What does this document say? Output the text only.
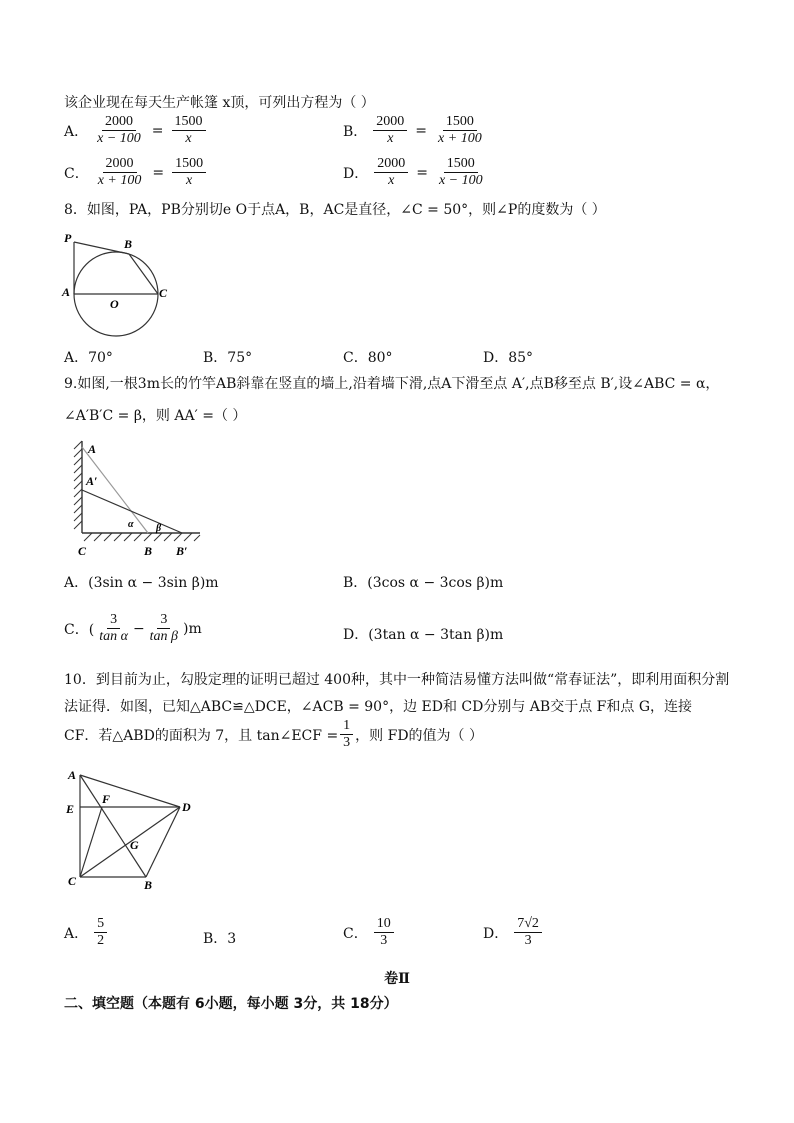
该企业现在每天生产帐篷 x顶，可列出方程为（ ）
A． $\frac{2000}{x - 100} = \frac{1500}{x}$	B． $\frac{2000}{x} = \frac{1500}{x + 100}$
C． $\frac{2000}{x + 100} = \frac{1500}{x}$	D． $\frac{2000}{x} = \frac{1500}{x - 100}$
8．如图，PA，PB分别切e O于点A，B，AC是直径，∠C = 50°，则∠P的度数为（ ）
P	B
A
O
C
A．70°	B．75°	C．80°	D．85°
9.如图,一根3m长的竹竿AB斜靠在竖直的墙上,沿着墙下滑,点A下滑至点 A′,点B移至点 B′,设∠ABC = α，
∠A′B′C = β，则 AA′ =（ ）
A
A′
α β
C	B B′
A．(3sin α − 3sin β)m	B．(3cos α − 3cos β)m
C．( $\frac{3}{\text{tan α}} - \frac{3}{\text{tan β}} )m$	D．(3tan α − 3tan β)m
10．到目前为止，勾股定理的证明已超过 400种，其中一种简洁易懂方法叫做“常春证法”，即利用面积分割
法证得．如图，已知△ABC≌△DCE，∠ACB = 90°，边 ED和 CD分别与 AB交于点 F和点 G，连接
CF．若△ABD的面积为 7，且 tan∠ECF = $\frac{1}{3}$ ，则 FD的值为（ ）
A
E
F
D
G
C	B
A． $\frac{5}{2}$	B．3	C． $\frac{10}{3}$	D． $\frac{7√2}{3}$
卷Ⅱ
二、填空题（本题有 6小题，每小题 3分，共 18分）
